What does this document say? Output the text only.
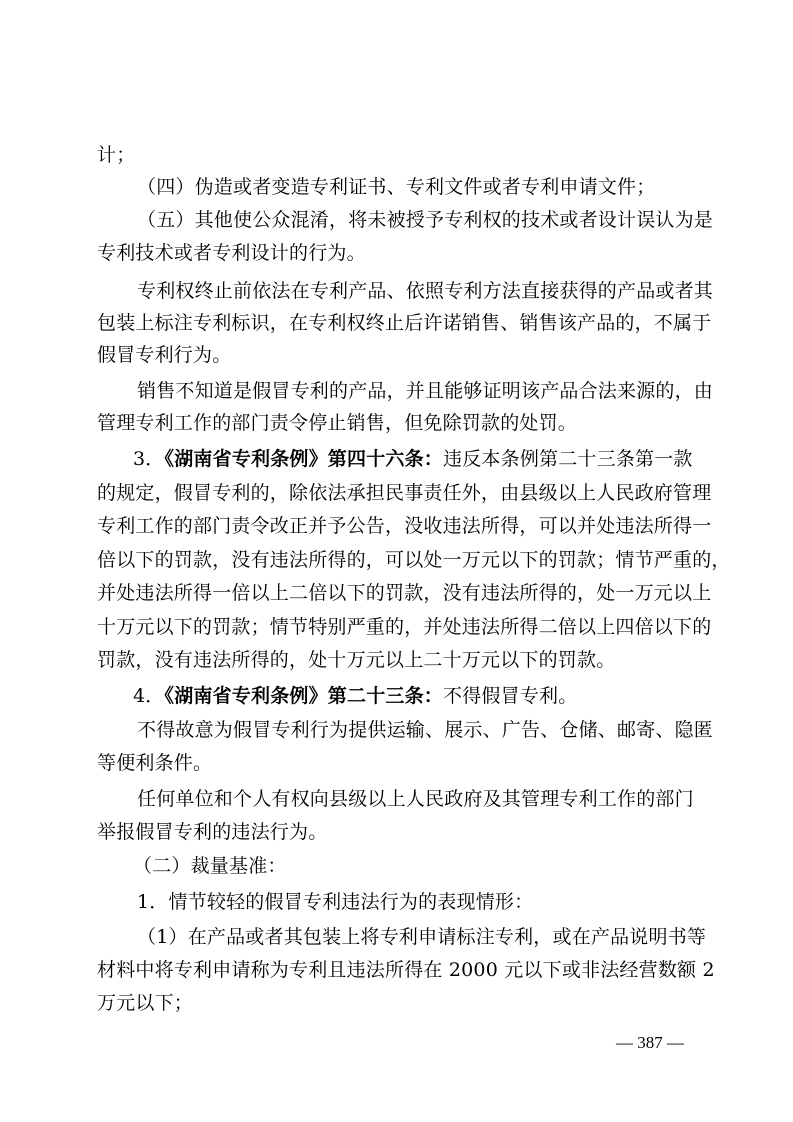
计；
（四）伪造或者变造专利证书、专利文件或者专利申请文件；
（五）其他使公众混淆，将未被授予专利权的技术或者设计误认为是
专利技术或者专利设计的行为。
专利权终止前依法在专利产品、依照专利方法直接获得的产品或者其
包装上标注专利标识，在专利权终止后许诺销售、销售该产品的，不属于
假冒专利行为。
销售不知道是假冒专利的产品，并且能够证明该产品合法来源的，由
管理专利工作的部门责令停止销售，但免除罚款的处罚。
3．《湖南省专利条例》第四十六条：违反本条例第二十三条第一款
的规定，假冒专利的，除依法承担民事责任外，由县级以上人民政府管理
专利工作的部门责令改正并予公告，没收违法所得，可以并处违法所得一
倍以下的罚款，没有违法所得的，可以处一万元以下的罚款；情节严重的，
并处违法所得一倍以上二倍以下的罚款，没有违法所得的，处一万元以上
十万元以下的罚款；情节特别严重的，并处违法所得二倍以上四倍以下的
罚款，没有违法所得的，处十万元以上二十万元以下的罚款。
4．《湖南省专利条例》第二十三条：不得假冒专利。
不得故意为假冒专利行为提供运输、展示、广告、仓储、邮寄、隐匿
等便利条件。
任何单位和个人有权向县级以上人民政府及其管理专利工作的部门
举报假冒专利的违法行为。
（二）裁量基准：
1．情节较轻的假冒专利违法行为的表现情形：
（1）在产品或者其包装上将专利申请标注专利，或在产品说明书等
材料中将专利申请称为专利且违法所得在 2000 元以下或非法经营数额 2
万元以下；
— 387 —
